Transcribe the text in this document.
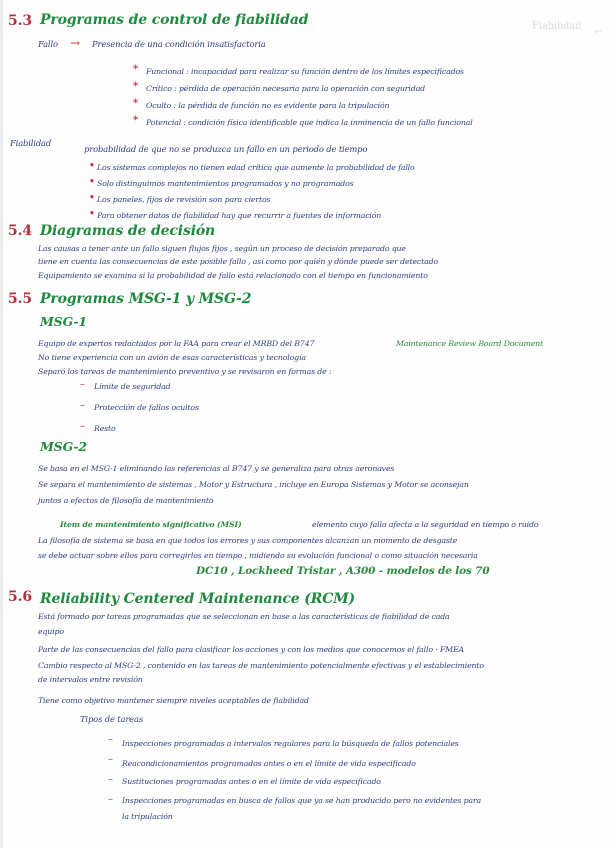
Fiabilidad
⌐
5.3 Programas de control de fiabilidad
Fallo → Presencia de una condición insatisfactoria
* Funcional : incapacidad para realizar su función dentro de los límites especificados
* Crítico : pérdida de operación necesaria para la operación con seguridad
* Oculto : la pérdida de función no es evidente para la tripulación
* Potencial : condición física identificable que indica la inminencia de un fallo funcional
Fiabilidad
probabilidad de que no se produzca un fallo en un periodo de tiempo
• Los sistemas complejos no tienen edad crítica que aumente la probabilidad de fallo
• Solo distinguimos mantenimientos programados y no programados
• Los paneles, fijos de revisión son para ciertos
• Para obtener datos de fiabilidad hay que recurrir a fuentes de información
5.4 Diagramas de decisión
Las causas a tener ante un fallo siguen flujos fijos , según un proceso de decisión preparado que
tiene en cuenta las consecuencias de este posible fallo , así como por quién y dónde puede ser detectado
Equipamiento se examina si la probabilidad de fallo está relacionado con el tiempo en funcionamiento
5.5 Programas MSG-1 y MSG-2
MSG-1
Equipo de expertos redactados por la FAA para crear el MRBD del B747	Maintenance Review Board Document
No tiene experiencia con un avión de esas características y tecnología
Separó los tareas de mantenimiento preventivo y se revisaron en formas de :
– Límite de seguridad
– Protección de fallos ocultos
– Resto
MSG-2
Se basa en el MSG-1 eliminando las referencias al B747 y se generaliza para otras aeronaves
Se separa el mantenimiento de sistemas , Motor y Estructura , incluye en Europa Sistemas y Motor se aconsejan
juntos a efectos de filosofía de mantenimiento
Item de mantenimiento significativo (MSI)	elemento cuyo fallo afecta a la seguridad en tiempo o ruido
La filosofía de sistema se basa en que todos los errores y sus componentes alcanzan un momento de desgaste
se debe actuar sobre ellos para corregirlos en tiempo , midiendo su evolución funcional o como situación necesaria
DC10 , Lockheed Tristar , A300 - modelos de los 70
5.6 Reliability Centered Maintenance (RCM)
Está formado por tareas programadas que se seleccionan en base a las características de fiabilidad de cada
equipo
Parte de las consecuencias del fallo para clasificar los acciones y con los medios que conocemos el fallo · FMEA
Cambio respecto al MSG-2 , contenido en las tareas de mantenimiento potencialmente efectivas y el establecimiento
de intervalos entre revisión
Tiene como objetivo mantener siempre niveles aceptables de fiabilidad
Tipos de tareas
– Inspecciones programadas a intervalos regulares para la búsqueda de fallos potenciales
– Reacondicionamientos programados antes o en el límite de vida especificado
– Sustituciones programadas antes o en el límite de vida especificado
– Inspecciones programadas en busca de fallos que ya se han producido pero no evidentes para
la tripulación
